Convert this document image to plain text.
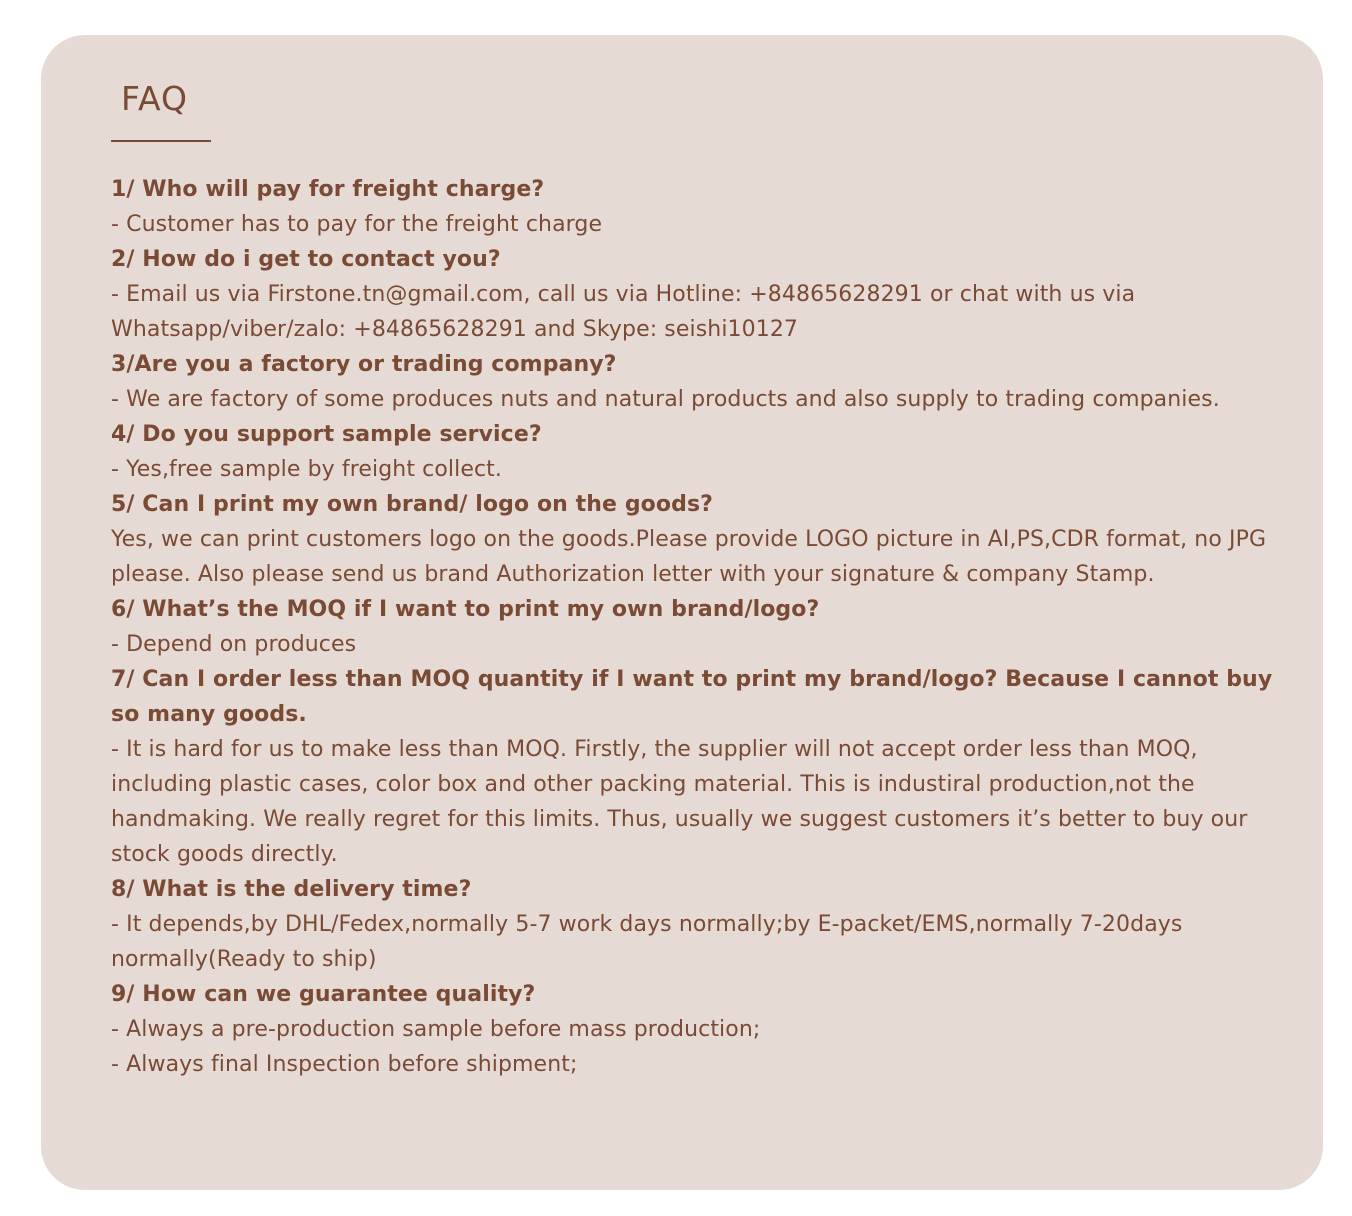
FAQ

1/ Who will pay for freight charge?

- Customer has to pay for the freight charge

2/ How do i get to contact you?

- Email us via Firstone.tn@gmail.com, call us via Hotline: +84865628291 or chat with us via Whatsapp/viber/zalo: +84865628291 and Skype: seishi10127

3/Are you a factory or trading company?

- We are factory of some produces nuts and natural products and also supply to trading companies.

4/ Do you support sample service?

- Yes,free sample by freight collect.

5/ Can I print my own brand/ logo on the goods?

Yes, we can print customers logo on the goods.Please provide LOGO picture in AI,PS,CDR format, no JPG please. Also please send us brand Authorization letter with your signature & company Stamp.

6/ What’s the MOQ if I want to print my own brand/logo?

- Depend on produces

7/ Can I order less than MOQ quantity if I want to print my brand/logo? Because I cannot buy so many goods.

- It is hard for us to make less than MOQ. Firstly, the supplier will not accept order less than MOQ, including plastic cases, color box and other packing material. This is industiral production,not the handmaking. We really regret for this limits. Thus, usually we suggest customers it’s better to buy our stock goods directly.

8/ What is the delivery time?

- It depends,by DHL/Fedex,normally 5-7 work days normally;by E-packet/EMS,normally 7-20days normally(Ready to ship)

9/ How can we guarantee quality?

- Always a pre-production sample before mass production;

- Always final Inspection before shipment;
